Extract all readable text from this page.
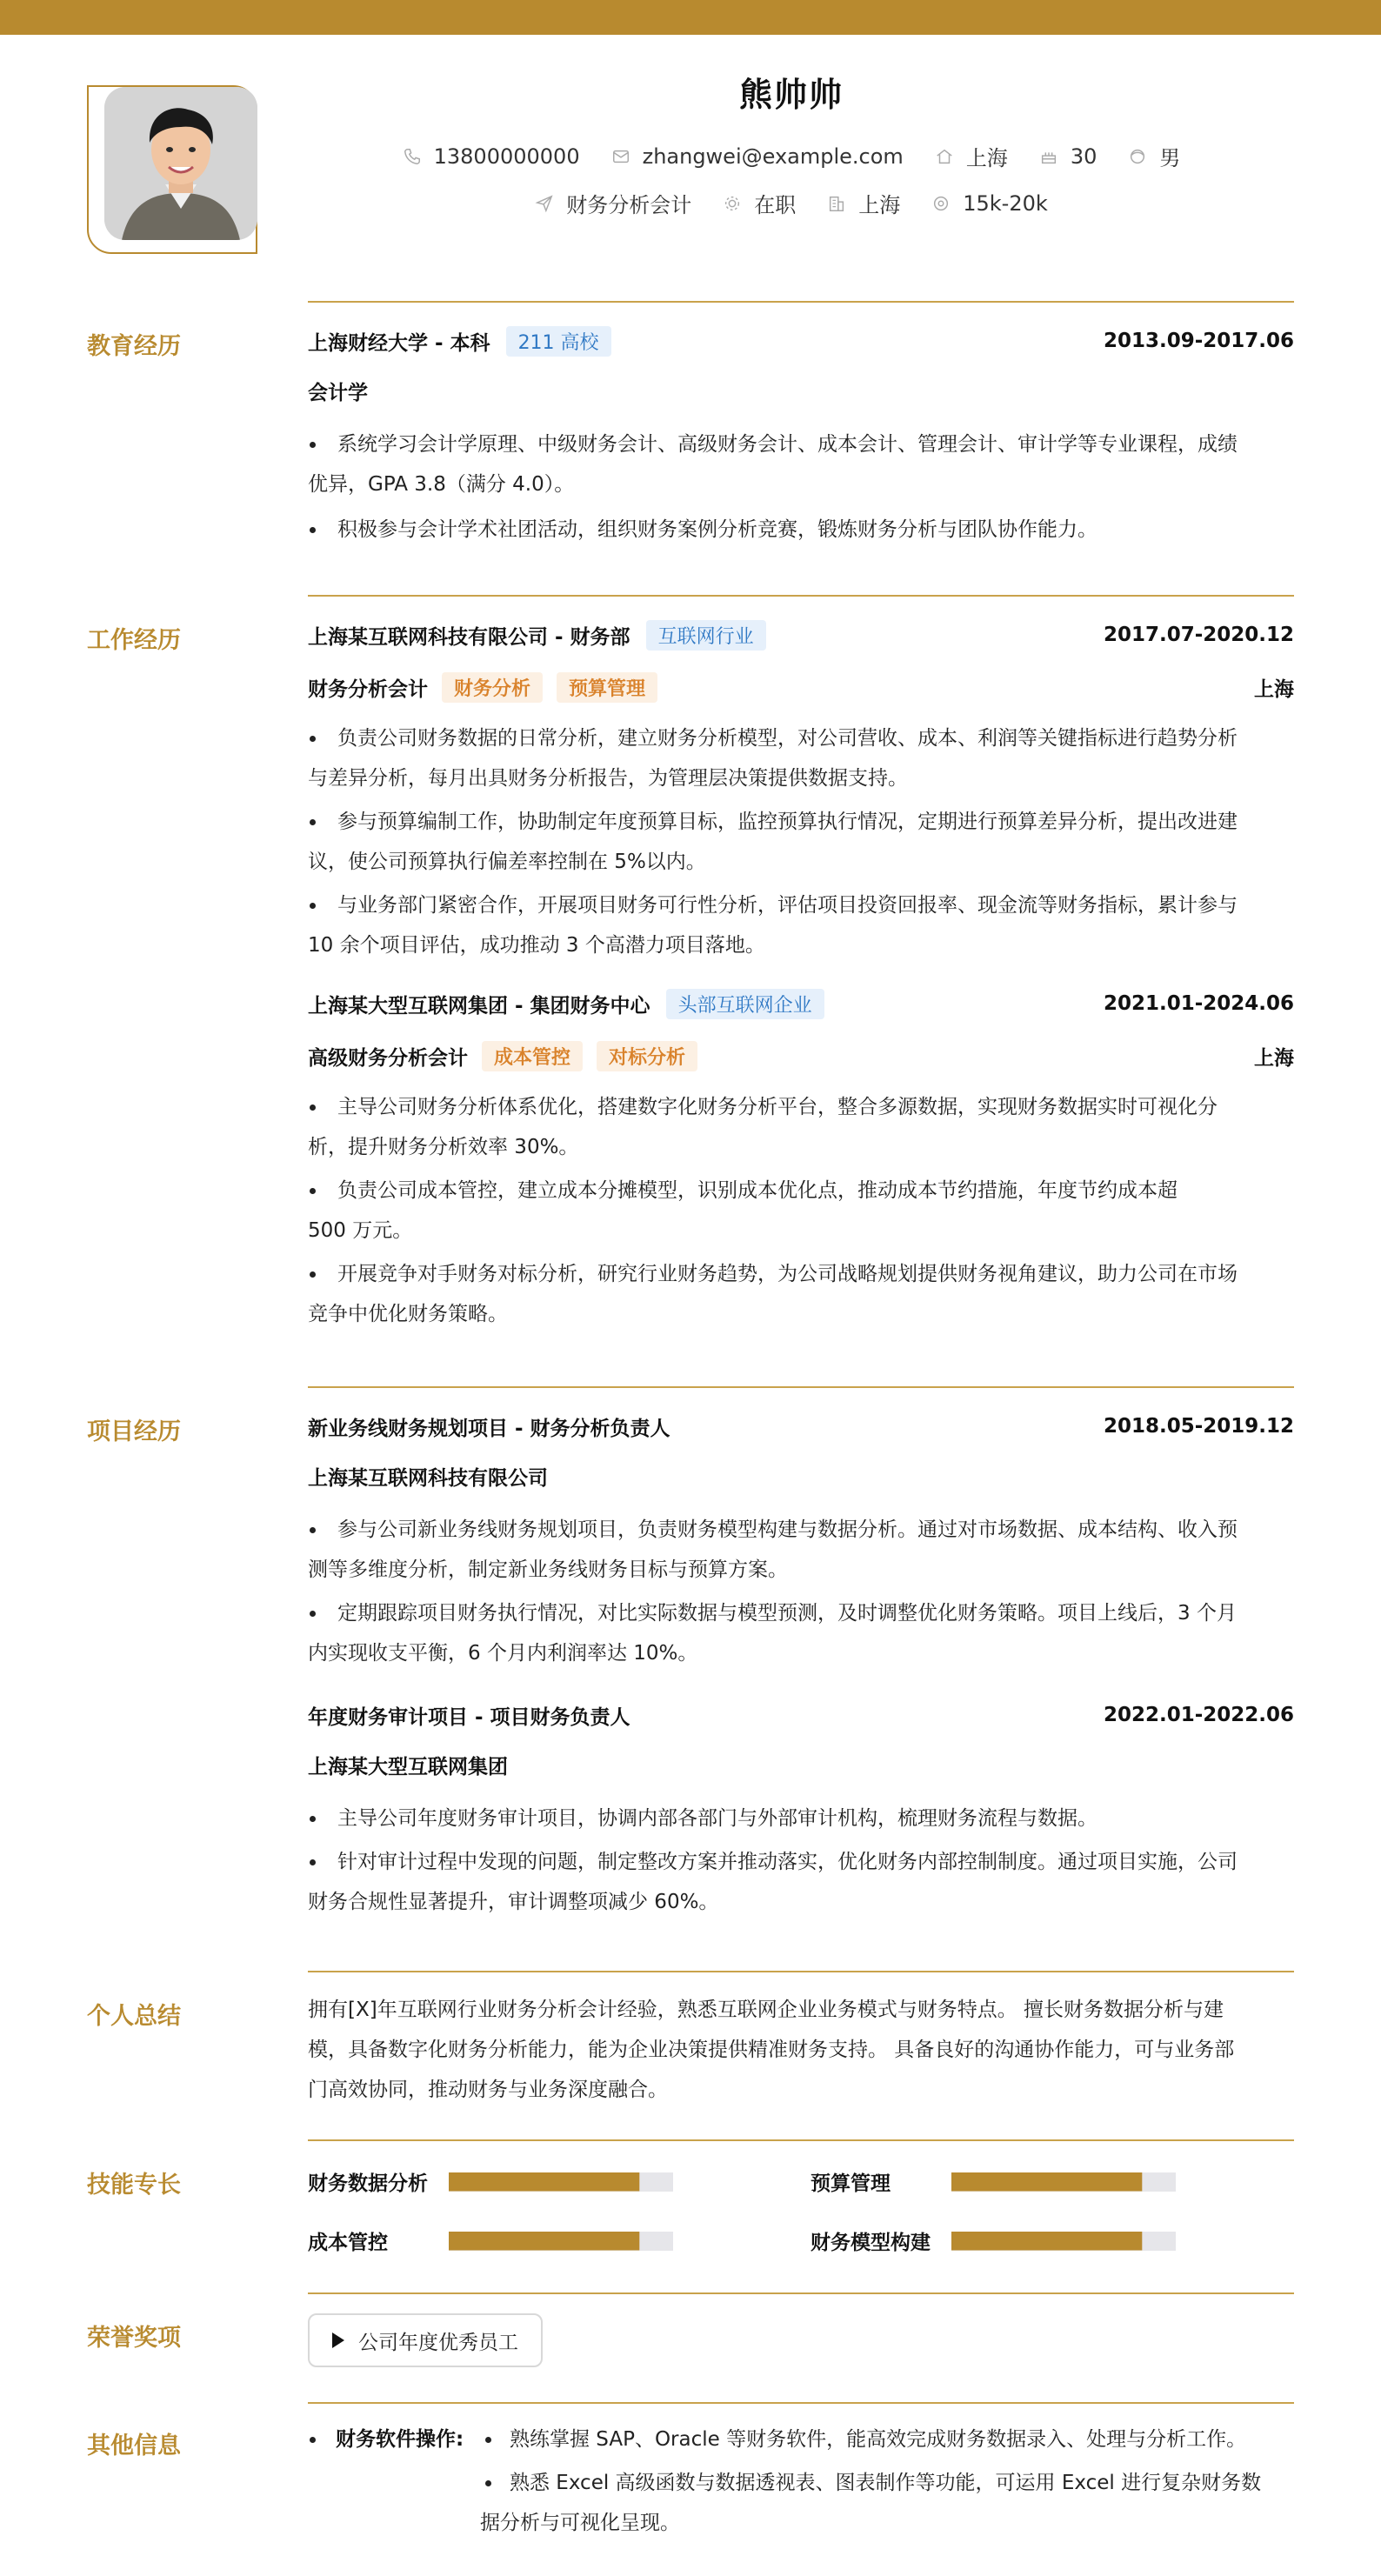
熊帅帅
13800000000	zhangwei@example.com	上海	30	男
财务分析会计	在职	上海	15k-20k
教育经历	上海财经大学 - 本科	211 高校	2013.09-2017.06
会计学
系统学习会计学原理、中级财务会计、高级财务会计、成本会计、管理会计、审计学等专业课程，成绩
优异，GPA 3.8（满分 4.0）。
积极参与会计学术社团活动，组织财务案例分析竞赛，锻炼财务分析与团队协作能力。
工作经历	上海某互联网科技有限公司 - 财务部	互联网行业	2017.07-2020.12
财务分析会计	财务分析	预算管理	上海
负责公司财务数据的日常分析，建立财务分析模型，对公司营收、成本、利润等关键指标进行趋势分析
与差异分析，每月出具财务分析报告，为管理层决策提供数据支持。
参与预算编制工作，协助制定年度预算目标，监控预算执行情况，定期进行预算差异分析，提出改进建
议，使公司预算执行偏差率控制在 5%以内。
与业务部门紧密合作，开展项目财务可行性分析，评估项目投资回报率、现金流等财务指标，累计参与
10 余个项目评估，成功推动 3 个高潜力项目落地。
上海某大型互联网集团 - 集团财务中心	头部互联网企业	2021.01-2024.06
高级财务分析会计	成本管控	对标分析	上海
主导公司财务分析体系优化，搭建数字化财务分析平台，整合多源数据，实现财务数据实时可视化分
析，提升财务分析效率 30%。
负责公司成本管控，建立成本分摊模型，识别成本优化点，推动成本节约措施，年度节约成本超
500 万元。
开展竞争对手财务对标分析，研究行业财务趋势，为公司战略规划提供财务视角建议，助力公司在市场
竞争中优化财务策略。
项目经历	新业务线财务规划项目 - 财务分析负责人	2018.05-2019.12
上海某互联网科技有限公司
参与公司新业务线财务规划项目，负责财务模型构建与数据分析。通过对市场数据、成本结构、收入预
测等多维度分析，制定新业务线财务目标与预算方案。
定期跟踪项目财务执行情况，对比实际数据与模型预测，及时调整优化财务策略。项目上线后，3 个月
内实现收支平衡，6 个月内利润率达 10%。
年度财务审计项目 - 项目财务负责人	2022.01-2022.06
上海某大型互联网集团
主导公司年度财务审计项目，协调内部各部门与外部审计机构，梳理财务流程与数据。
针对审计过程中发现的问题，制定整改方案并推动落实，优化财务内部控制制度。通过项目实施，公司
财务合规性显著提升，审计调整项减少 60%。
个人总结	拥有[X]年互联网行业财务分析会计经验，熟悉互联网企业业务模式与财务特点。 擅长财务数据分析与建
模，具备数字化财务分析能力，能为企业决策提供精准财务支持。 具备良好的沟通协作能力，可与业务部
门高效协同，推动财务与业务深度融合。
技能专长	财务数据分析	预算管理
成本管控	财务模型构建
荣誉奖项	公司年度优秀员工
其他信息	财务软件操作: 熟练掌握 SAP、Oracle 等财务软件，能高效完成财务数据录入、处理与分析工作。
熟悉 Excel 高级函数与数据透视表、图表制作等功能，可运用 Excel 进行复杂财务数
据分析与可视化呈现。
